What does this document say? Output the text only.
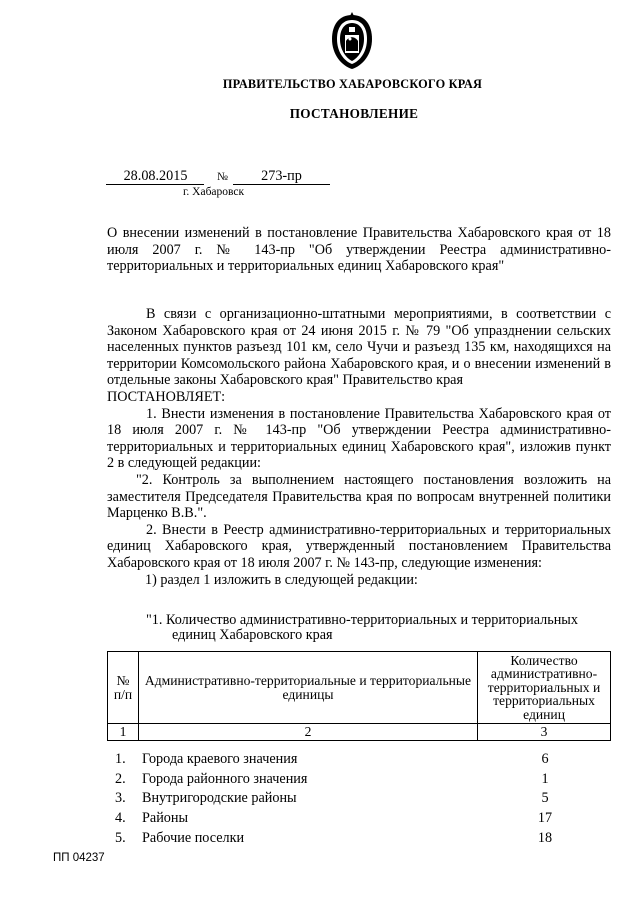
ПРАВИТЕЛЬСТВО ХАБАРОВСКОГО КРАЯ
ПОСТАНОВЛЕНИЕ
28.08.2015	№	273-пр
г. Хабаровск
О внесении изменений в постановление Правительства Хабаровского края от 18 июля 2007 г. № 143-пр "Об утверждении Реестра административно-территориальных и территориальных единиц Хабаровского края"

В связи с организационно-штатными мероприятиями, в соответствии с Законом Хабаровского края от 24 июня 2015 г. № 79 "Об упразднении сельских населенных пунктов разъезд 101 км, село Чучи и разъезд 135 км, находящихся на территории Комсомольского района Хабаровского края, и о внесении изменений в отдельные законы Хабаровского края" Правительство края

ПОСТАНОВЛЯЕТ:

1. Внести изменения в постановление Правительства Хабаровского края от 18 июля 2007 г. № 143-пр "Об утверждении Реестра административно-территориальных и территориальных единиц Хабаровского края", изложив пункт 2 в следующей редакции:

"2. Контроль за выполнением настоящего постановления возложить на заместителя Председателя Правительства края по вопросам внутренней политики Марценко В.В.".

2. Внести в Реестр административно-территориальных и территориальных единиц Хабаровского края, утвержденный постановлением Правительства Хабаровского края от 18 июля 2007 г. № 143-пр, следующие изменения:

1) раздел 1 изложить в следующей редакции:

"1. Количество административно-территориальных и территориальных
единиц Хабаровского края
№ п/п	Административно-территориальные и территориальные единицы	Количество административно-территориальных и территориальных единиц
1	2	3
1. Города краевого значения	6
2. Города районного значения	1
3. Внутригородские районы	5
4. Районы	17
5. Рабочие поселки	18
ПП 04237
